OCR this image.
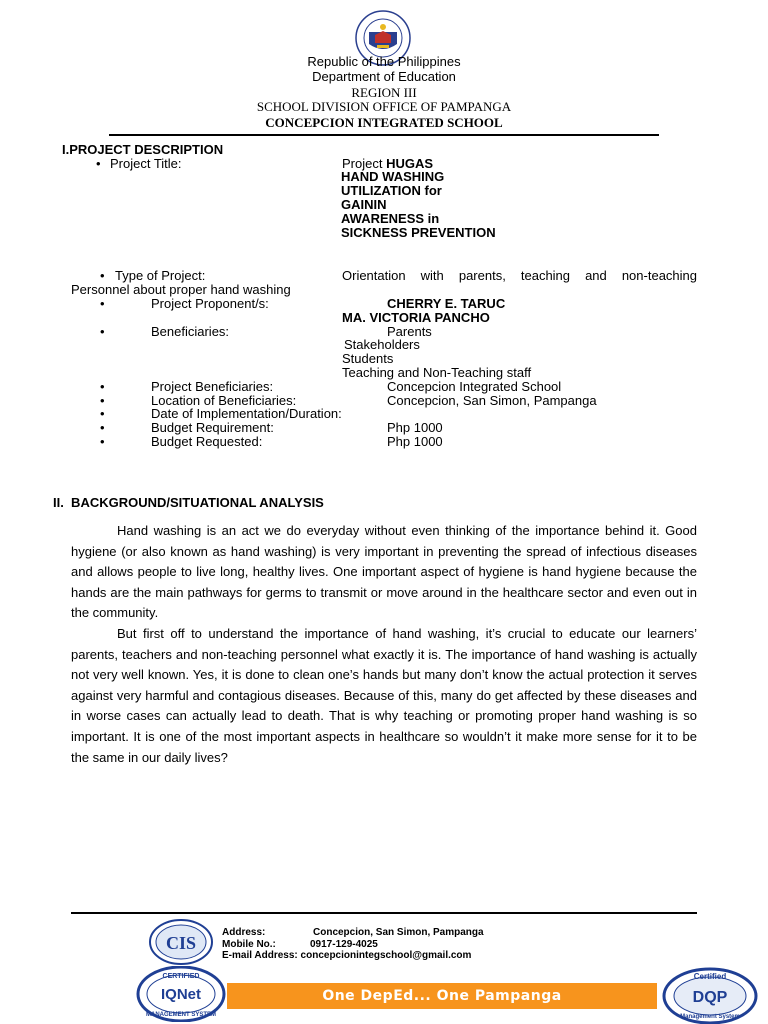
Republic of the Philippines
Department of Education
REGION III
SCHOOL DIVISION OFFICE OF PAMPANGA
CONCEPCION INTEGRATED SCHOOL
I.PROJECT DESCRIPTION
• Project Title:	Project HUGAS
HAND WASHING
UTILIZATION for
GAININ
AWARENESS in
SICKNESS PREVENTION
• Type of Project:	Orientation with parents, teaching and non-teaching
Personnel about proper hand washing
•	Project Proponent/s:	CHERRY E. TARUC
MA. VICTORIA PANCHO
•	Beneficiaries:	Parents
Stakeholders
Students
Teaching and Non-Teaching staff
•	Project Beneficiaries:	Concepcion Integrated School
•	Location of Beneficiaries:	Concepcion, San Simon, Pampanga
•	Date of Implementation/Duration:
•	Budget Requirement:	Php 1000
•	Budget Requested:	Php 1000
II.  BACKGROUND/SITUATIONAL ANALYSIS

Hand washing is an act we do everyday without even thinking of the importance behind it. Good hygiene (or also known as hand washing) is very important in preventing the spread of infectious diseases and allows people to live long, healthy lives. One important aspect of hygiene is hand hygiene because the hands are the main pathways for germs to transmit or move around in the healthcare sector and even out in the community.

But first off to understand the importance of hand washing, it’s crucial to educate our learners’ parents, teachers and non-teaching personnel what exactly it is. The importance of hand washing is actually not very well known. Yes, it is done to clean one’s hands but many don’t know the actual protection it serves against very harmful and contagious diseases. Because of this, many do get affected by these diseases and in worse cases can actually lead to death. That is why teaching or promoting proper hand washing is so important. It is one of the most important aspects in healthcare so wouldn’t it make more sense for it to be the same in our daily lives?

CIS
Address:	Concepcion, San Simon, Pampanga
Mobile No.:	0917-129-4025
E-mail Address: concepcionintegschool@gmail.com
CERTIFIED
IQNet
MANAGEMENT SYSTEM
One DepEd... One Pampanga
Certified
DQP
Management System
